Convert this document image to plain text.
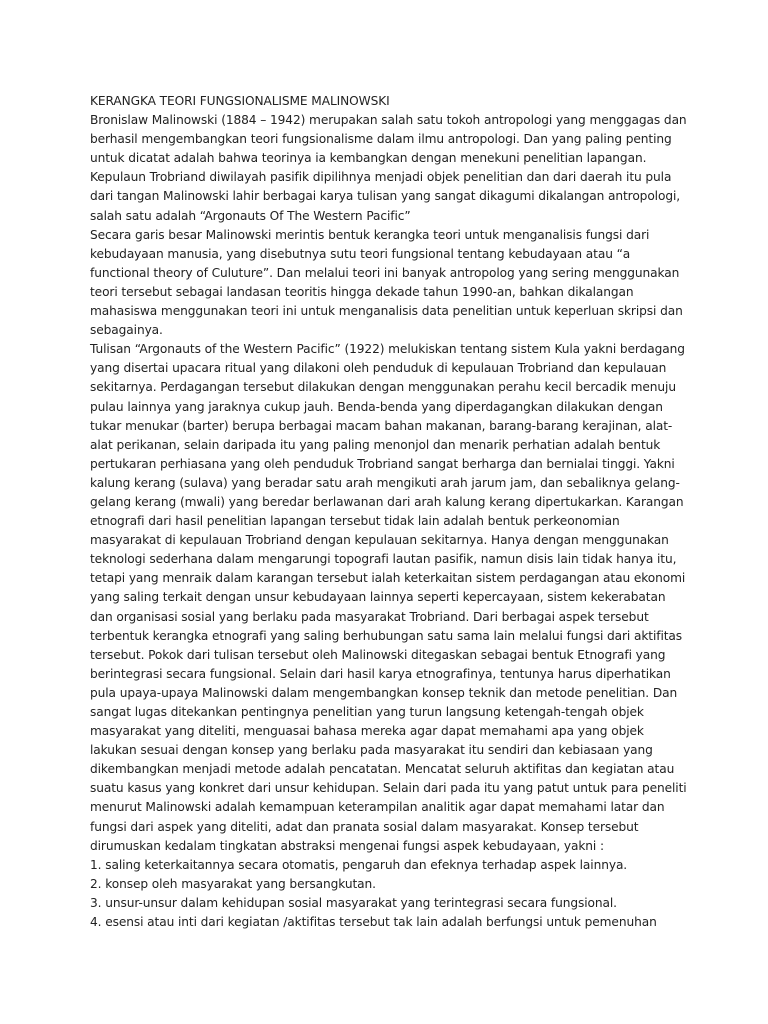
KERANGKA TEORI FUNGSIONALISME MALINOWSKI

Bronislaw Malinowski (1884 – 1942) merupakan salah satu tokoh antropologi yang menggagas dan berhasil mengembangkan teori fungsionalisme dalam ilmu antropologi. Dan yang paling penting untuk dicatat adalah bahwa teorinya ia kembangkan dengan menekuni penelitian lapangan. Kepulaun Trobriand diwilayah pasifik dipilihnya menjadi objek penelitian dan dari daerah itu pula dari tangan Malinowski lahir berbagai karya tulisan yang sangat dikagumi dikalangan antropologi, salah satu adalah “Argonauts Of The Western Pacific”

Secara garis besar Malinowski merintis bentuk kerangka teori untuk menganalisis fungsi dari kebudayaan manusia, yang disebutnya sutu teori fungsional tentang kebudayaan atau “a functional theory of Culuture”. Dan melalui teori ini banyak antropolog yang sering menggunakan teori tersebut sebagai landasan teoritis hingga dekade tahun 1990-an, bahkan dikalangan mahasiswa menggunakan teori ini untuk menganalisis data penelitian untuk keperluan skripsi dan sebagainya.

Tulisan “Argonauts of the Western Pacific” (1922) melukiskan tentang sistem Kula yakni berdagang yang disertai upacara ritual yang dilakoni oleh penduduk di kepulauan Trobriand dan kepulauan sekitarnya. Perdagangan tersebut dilakukan dengan menggunakan perahu kecil bercadik menuju pulau lainnya yang jaraknya cukup jauh. Benda-benda yang diperdagangkan dilakukan dengan tukar menukar (barter) berupa berbagai macam bahan makanan, barang-barang kerajinan, alat-alat perikanan, selain daripada itu yang paling menonjol dan menarik perhatian adalah bentuk pertukaran perhiasana yang oleh penduduk Trobriand sangat berharga dan bernialai tinggi. Yakni kalung kerang (sulava) yang beradar satu arah mengikuti arah jarum jam, dan sebaliknya gelang-gelang kerang (mwali) yang beredar berlawanan dari arah kalung kerang dipertukarkan. Karangan etnografi dari hasil penelitian lapangan tersebut tidak lain adalah bentuk perkeonomian masyarakat di kepulauan Trobriand dengan kepulauan sekitarnya. Hanya dengan menggunakan teknologi sederhana dalam mengarungi topografi lautan pasifik, namun disis lain tidak hanya itu, tetapi yang menraik dalam karangan tersebut ialah keterkaitan sistem perdagangan atau ekonomi yang saling terkait dengan unsur kebudayaan lainnya seperti kepercayaan, sistem kekerabatan dan organisasi sosial yang berlaku pada masyarakat Trobriand. Dari berbagai aspek tersebut terbentuk kerangka etnografi yang saling berhubungan satu sama lain melalui fungsi dari aktifitas tersebut. Pokok dari tulisan tersebut oleh Malinowski ditegaskan sebagai bentuk Etnografi yang berintegrasi secara fungsional. Selain dari hasil karya etnografinya, tentunya harus diperhatikan pula upaya-upaya Malinowski dalam mengembangkan konsep teknik dan metode penelitian. Dan sangat lugas ditekankan pentingnya penelitian yang turun langsung ketengah-tengah objek masyarakat yang diteliti, menguasai bahasa mereka agar dapat memahami apa yang objek lakukan sesuai dengan konsep yang berlaku pada masyarakat itu sendiri dan kebiasaan yang dikembangkan menjadi metode adalah pencatatan. Mencatat seluruh aktifitas dan kegiatan atau suatu kasus yang konkret dari unsur kehidupan. Selain dari pada itu yang patut untuk para peneliti menurut Malinowski adalah kemampuan keterampilan analitik agar dapat memahami latar dan fungsi dari aspek yang diteliti, adat dan pranata sosial dalam masyarakat. Konsep tersebut dirumuskan kedalam tingkatan abstraksi mengenai fungsi aspek kebudayaan, yakni :

1. saling keterkaitannya secara otomatis, pengaruh dan efeknya terhadap aspek lainnya.
2. konsep oleh masyarakat yang bersangkutan.
3. unsur-unsur dalam kehidupan sosial masyarakat yang terintegrasi secara fungsional.
4. esensi atau inti dari kegiatan /aktifitas tersebut tak lain adalah berfungsi untuk pemenuhan
